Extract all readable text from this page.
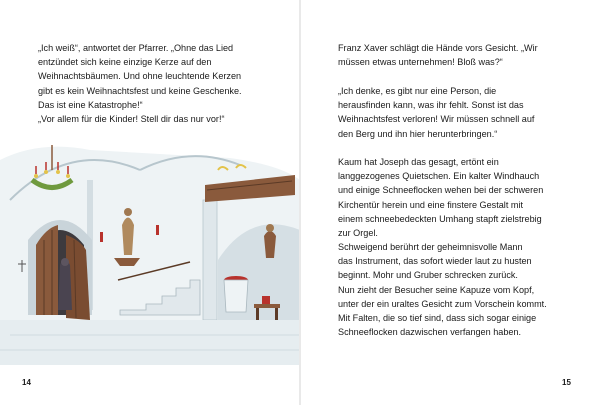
„Ich weiß“, antwortet der Pfarrer. „Ohne das Lied
entzündet sich keine einzige Kerze auf den
Weihnachtsbäumen. Und ohne leuchtende Kerzen
gibt es kein Weihnachtsfest und keine Geschenke.
Das ist eine Katastrophe!“
„Vor allem für die Kinder! Stell dir das nur vor!“

14

Franz Xaver schlägt die Hände vors Gesicht. „Wir
müssen etwas unternehmen! Bloß was?“

„Ich denke, es gibt nur eine Person, die
herausfinden kann, was ihr fehlt. Sonst ist das
Weihnachtsfest verloren! Wir müssen schnell auf
den Berg und ihn hier herunterbringen.“

Kaum hat Joseph das gesagt, ertönt ein
langgezogenes Quietschen. Ein kalter Windhauch
und einige Schneeflocken wehen bei der schweren
Kirchentür herein und eine finstere Gestalt mit
einem schneebedeckten Umhang stapft zielstrebig
zur Orgel.

Schweigend berührt der geheimnisvolle Mann
das Instrument, das sofort wieder laut zu husten
beginnt. Mohr und Gruber schrecken zurück.
Nun zieht der Besucher seine Kapuze vom Kopf,
unter der ein uraltes Gesicht zum Vorschein kommt.
Mit Falten, die so tief sind, dass sich sogar einige
Schneeflocken dazwischen verfangen haben.

15
